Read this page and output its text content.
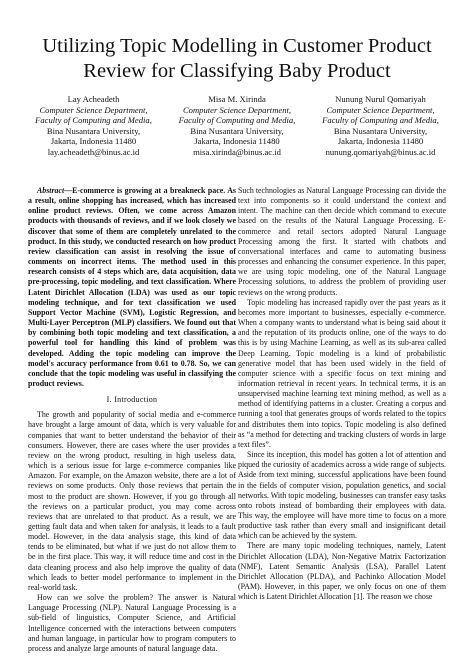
Utilizing Topic Modelling in Customer Product
Review for Classifying Baby Product
Lay Acheadeth
Computer Science Department,
Faculty of Computing and Media,
Bina Nusantara University,
Jakarta, Indonesia 11480
lay.acheadeth@binus.ac.id
Misa M. Xirinda
Computer Science Department,
Faculty of Computing and Media,
Bina Nusantara University,
Jakarta, Indonesia 11480
misa.xirinda@binus.ac.id
Nunung Nurul Qomariyah
Computer Science Department,
Faculty of Computing and Media,
Bina Nusantara University,
Jakarta, Indonesia 11480
nunung.qomariyah@binus.ac.id

Abstract—E-commerce is growing at a breakneck pace. As a result, online shopping has increased, which has increased online product reviews. Often, we come across Amazon products with thousands of reviews, and if we look closely we discover that some of them are completely unrelated to the product. In this study, we conducted research on how product review classification can assist in resolving the issue of comments on incorrect items. The method used in this research consists of 4 steps which are, data acquisition, data pre-processing, topic modeling, and text classification. Where Latent Dirichlet Allocation (LDA) was used as our topic modeling technique, and for text classification we used Support Vector Machine (SVM), Logistic Regression, and Multi-Layer Perceptron (MLP) classifiers. We found out that by combining both topic modeling and text classification, a powerful tool for handling this kind of problem was developed. Adding the topic modeling can improve the model's accuracy performance from 0.61 to 0.78. So, we can conclude that the topic modeling was useful in classifying the product reviews.

I. Introduction

The growth and popularity of social media and e-commerce have brought a large amount of data, which is very valuable for companies that want to better understand the behavior of their consumers. However, there are cases where the user provides a review on the wrong product, resulting in high useless data, which is a serious issue for large e-commerce companies like Amazon. For example, on the Amazon website, there are a lot of reviews on some products. Only those reviews that pertain the most to the product are shown. However, if you go through all the reviews on a particular product, you may come across reviews that are unrelated to that product. As a result, we are getting fault data and when taken for analysis, it leads to a fault model. However, in the data analysis stage, this kind of data tends to be eliminated, but what if we just do not allow them to be in the first place. This way, it will reduce time and cost in the data cleaning process and also help improve the quality of data which leads to better model performance to implement in the real-world task.

How can we solve the problem? The answer is Natural Language Processing (NLP). Natural Language Processing is a sub-field of linguistics, Computer Science, and Artificial Intelligence concerned with the interactions between computers and human language, in particular how to program computers to process and analyze large amounts of natural language data.

Such technologies as Natural Language Processing can divide the text into components so it could understand the context and intent. The machine can then decide which command to execute based on the results of the Natural Language Processing. E-commerce and retail sectors adopted Natural Language Processing among the first. It started with chatbots and conversational interfaces and came to automating business processes and enhancing the consumer experience. In this paper, we are using topic modeling, one of the Natural Language Processing solutions, to address the problem of providing user reviews on the wrong products.

Topic modeling has increased rapidly over the past years as it becomes more important to businesses, especially e-commerce. When a company wants to understand what is being said about it and the reputation of its products online, one of the ways to do this is by using Machine Learning, as well as its sub-area called Deep Learning. Topic modeling is a kind of probabilistic generative model that has been used widely in the field of computer science with a specific focus on text mining and information retrieval in recent years. In technical terms, it is an unsupervised machine learning text mining method, as well as a method of identifying patterns in a cluster. Creating a corpus and running a tool that generates groups of words related to the topics and distributes them into topics. Topic modeling is also defined as “a method for detecting and tracking clusters of words in large text files”.

Since its inception, this model has gotten a lot of attention and piqued the curiosity of academics across a wide range of subjects. Aside from text mining, successful applications have been found in the fields of computer vision, population genetics, and social networks. With topic modeling, businesses can transfer easy tasks onto robots instead of bombarding their employees with data. This way, the employee will have more time to focus on a more productive task rather than every small and insignificant detail which can be achieved by the system.

There are many topic modeling techniques, namely, Latent Dirichlet Allocation (LDA), Non-Negative Matrix Factorization (NMF), Latent Semantic Analysis (LSA), Parallel Latent Dirichlet Allocation (PLDA), and Pachinko Allocation Model (PAM). However, in this paper, we only focus on one of them which is Latent Dirichlet Allocation [1]. The reason we chose
